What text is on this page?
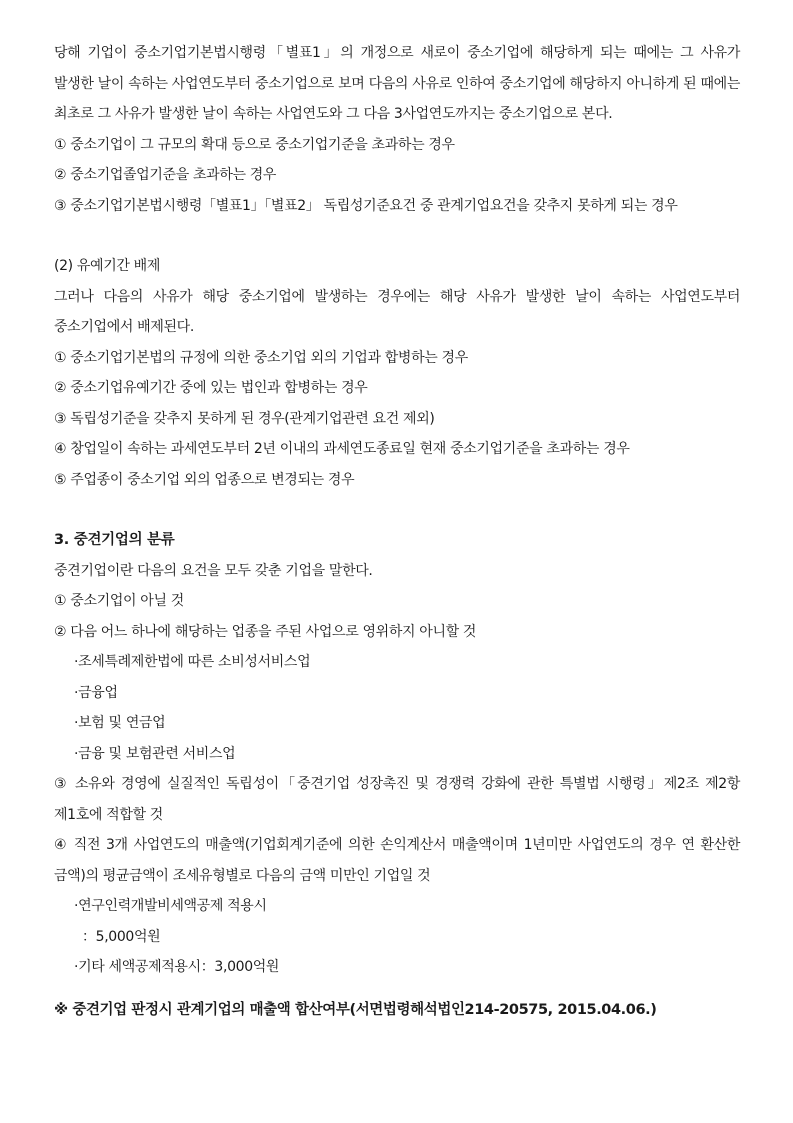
당해 기업이 중소기업기본법시행령「별표1」의 개정으로 새로이 중소기업에 해당하게 되는 때에는 그 사유가 발생한 날이 속하는 사업연도부터 중소기업으로 보며 다음의 사유로 인하여 중소기업에 해당하지 아니하게 된 때에는 최초로 그 사유가 발생한 날이 속하는 사업연도와 그 다음 3사업연도까지는 중소기업으로 본다.

① 중소기업이 그 규모의 확대 등으로 중소기업기준을 초과하는 경우

② 중소기업졸업기준을 초과하는 경우

③ 중소기업기본법시행령「별표1」「별표2」 독립성기준요건 중 관계기업요건을 갖추지 못하게 되는 경우

(2) 유예기간 배제

그러나 다음의 사유가 해당 중소기업에 발생하는 경우에는 해당 사유가 발생한 날이 속하는 사업연도부터 중소기업에서 배제된다.

① 중소기업기본법의 규정에 의한 중소기업 외의 기업과 합병하는 경우

② 중소기업유예기간 중에 있는 법인과 합병하는 경우

③ 독립성기준을 갖추지 못하게 된 경우(관계기업관련 요건 제외)

④ 창업일이 속하는 과세연도부터 2년 이내의 과세연도종료일 현재 중소기업기준을 초과하는 경우

⑤ 주업종이 중소기업 외의 업종으로 변경되는 경우

3. 중견기업의 분류

중견기업이란 다음의 요건을 모두 갖춘 기업을 말한다.

① 중소기업이 아닐 것

② 다음 어느 하나에 해당하는 업종을 주된 사업으로 영위하지 아니할 것

·조세특례제한법에 따른 소비성서비스업

·금융업

·보험 및 연금업

·금융 및 보험관련 서비스업

③ 소유와 경영에 실질적인 독립성이「중견기업 성장촉진 및 경쟁력 강화에 관한 특별법 시행령」제2조 제2항 제1호에 적합할 것

④ 직전 3개 사업연도의 매출액(기업회계기준에 의한 손익계산서 매출액이며 1년미만 사업연도의 경우 연 환산한 금액)의 평균금액이 조세유형별로 다음의 금액 미만인 기업일 것

·연구인력개발비세액공제 적용시

：5,000억원

·기타 세액공제적용시：3,000억원

※ 중견기업 판정시 관계기업의 매출액 합산여부(서면법령해석법인214-20575, 2015.04.06.)
